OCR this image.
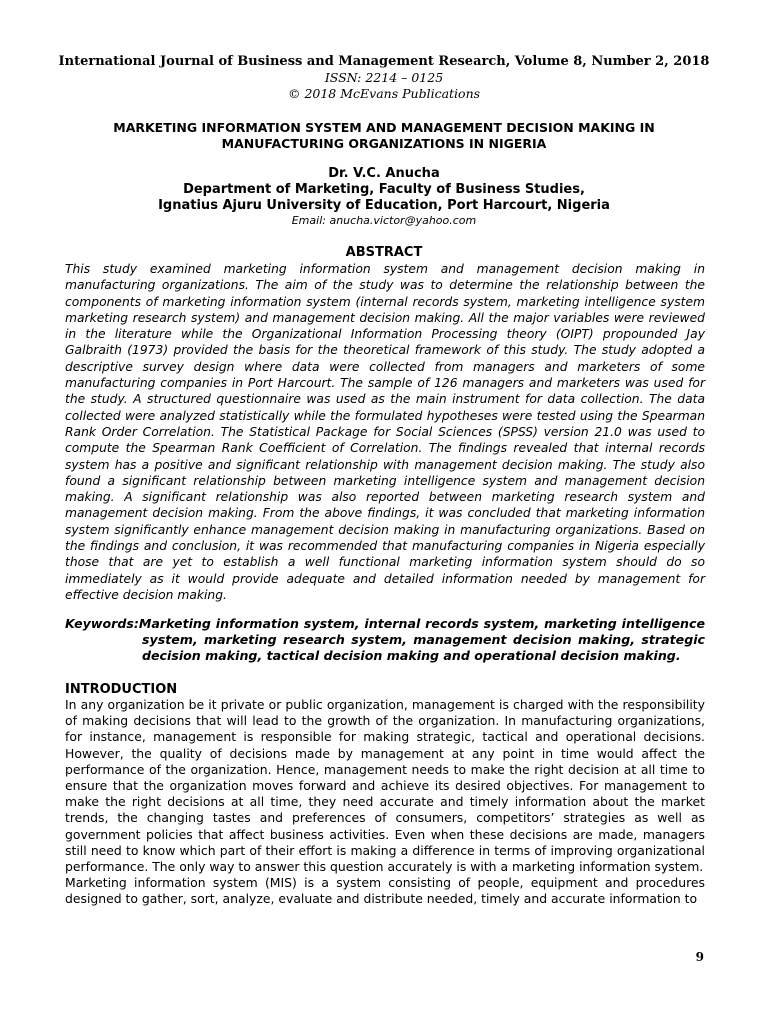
International Journal of Business and Management Research, Volume 8, Number 2, 2018
ISSN: 2214 – 0125
© 2018 McEvans Publications
MARKETING INFORMATION SYSTEM AND MANAGEMENT DECISION MAKING IN MANUFACTURING ORGANIZATIONS IN NIGERIA
Dr. V.C. Anucha
Department of Marketing, Faculty of Business Studies,
Ignatius Ajuru University of Education, Port Harcourt, Nigeria
Email: anucha.victor@yahoo.com
ABSTRACT

This study examined marketing information system and management decision making in manufacturing organizations. The aim of the study was to determine the relationship between the components of marketing information system (internal records system, marketing intelligence system marketing research system) and management decision making. All the major variables were reviewed in the literature while the Organizational Information Processing theory (OIPT) propounded Jay Galbraith (1973) provided the basis for the theoretical framework of this study. The study adopted a descriptive survey design where data were collected from managers and marketers of some manufacturing companies in Port Harcourt. The sample of 126 managers and marketers was used for the study. A structured questionnaire was used as the main instrument for data collection. The data collected were analyzed statistically while the formulated hypotheses were tested using the Spearman Rank Order Correlation. The Statistical Package for Social Sciences (SPSS) version 21.0 was used to compute the Spearman Rank Coefficient of Correlation. The findings revealed that internal records system has a positive and significant relationship with management decision making. The study also found a significant relationship between marketing intelligence system and management decision making. A significant relationship was also reported between marketing research system and management decision making. From the above findings, it was concluded that marketing information system significantly enhance management decision making in manufacturing organizations. Based on the findings and conclusion, it was recommended that manufacturing companies in Nigeria especially those that are yet to establish a well functional marketing information system should do so immediately as it would provide adequate and detailed information needed by management for effective decision making.

Keywords:Marketing information system, internal records system, marketing intelligence system, marketing research system, management decision making, strategic decision making, tactical decision making and operational decision making.

INTRODUCTION

In any organization be it private or public organization, management is charged with the responsibility of making decisions that will lead to the growth of the organization. In manufacturing organizations, for instance, management is responsible for making strategic, tactical and operational decisions. However, the quality of decisions made by management at any point in time would affect the performance of the organization. Hence, management needs to make the right decision at all time to ensure that the organization moves forward and achieve its desired objectives. For management to make the right decisions at all time, they need accurate and timely information about the market trends, the changing tastes and preferences of consumers, competitors’ strategies as well as government policies that affect business activities. Even when these decisions are made, managers still need to know which part of their effort is making a difference in terms of improving organizational performance. The only way to answer this question accurately is with a marketing information system.

Marketing information system (MIS) is a system consisting of people, equipment and procedures designed to gather, sort, analyze, evaluate and distribute needed, timely and accurate information to

9
